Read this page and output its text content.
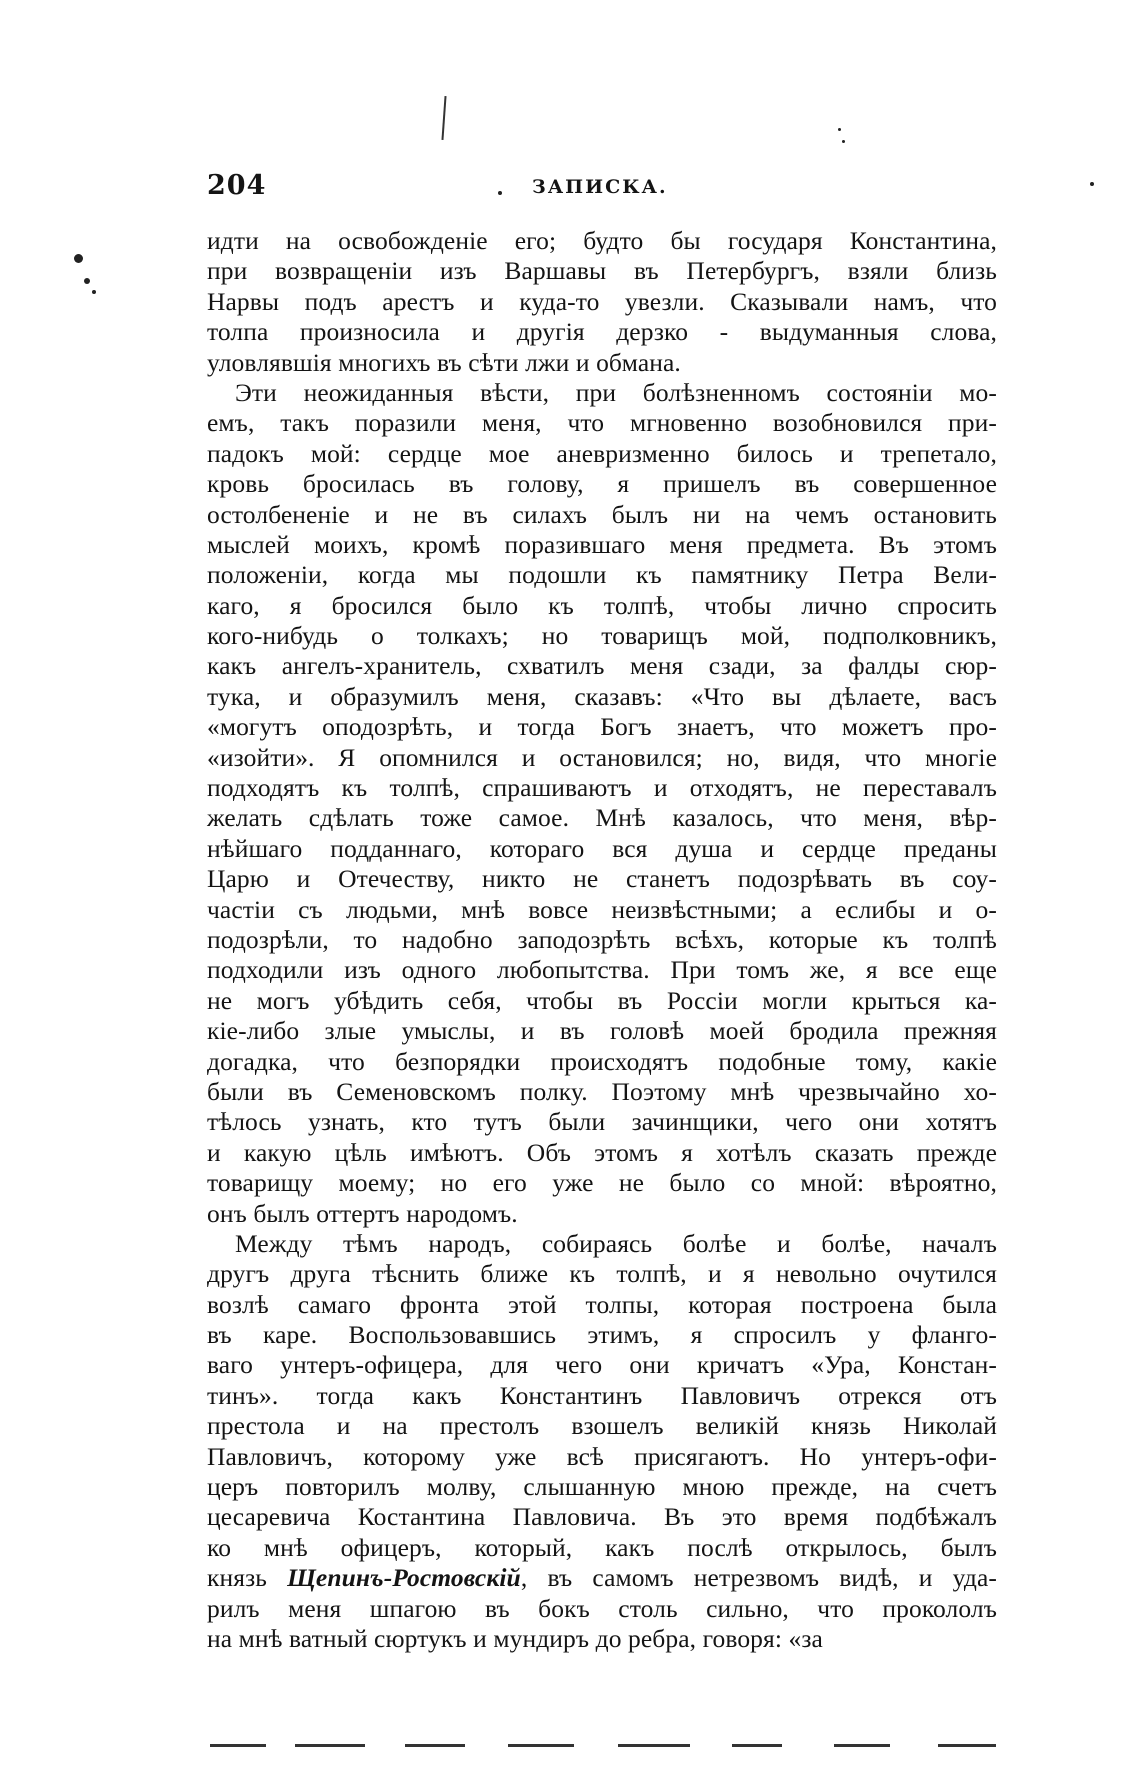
204	ЗАПИСКА.
идти на освобожденіе его; будто бы государя Константина,
при возвращеніи изъ Варшавы въ Петербургъ, взяли близь
Нарвы подъ арестъ и куда-то увезли. Сказывали намъ, что
толпа произносила и другія дерзко - выдуманныя слова,
уловлявшія многихъ въ сѣти лжи и обмана.
Эти неожиданныя вѣсти, при болѣзненномъ состояніи мо-
емъ, такъ поразили меня, что мгновенно возобновился при-
падокъ мой: сердце мое аневризменно билось и трепетало,
кровь бросилась въ голову, я пришелъ въ совершенное
остолбененіе и не въ силахъ былъ ни на чемъ остановить
мыслей моихъ, кромѣ поразившаго меня предмета. Въ этомъ
положеніи, когда мы подошли къ памятнику Петра Вели-
каго, я бросился было къ толпѣ, чтобы лично спросить
кого-нибудь о толкахъ; но товарищъ мой, подполковникъ,
какъ ангелъ-хранитель, схватилъ меня сзади, за фалды сюр-
тука, и образумилъ меня, сказавъ: «Что вы дѣлаете, васъ
«могутъ оподозрѣть, и тогда Богъ знаетъ, что можетъ про-
«изойти». Я опомнился и остановился; но, видя, что многіе
подходятъ къ толпѣ, спрашиваютъ и отходятъ, не переставалъ
желать сдѣлать тоже самое. Мнѣ казалось, что меня, вѣр-
нѣйшаго подданнаго, котораго вся душа и сердце преданы
Царю и Отечеству, никто не станетъ подозрѣвать въ соу-
частіи съ людьми, мнѣ вовсе неизвѣстными; а еслибы и о-
подозрѣли, то надобно заподозрѣть всѣхъ, которые къ толпѣ
подходили изъ одного любопытства. При томъ же, я все еще
не могъ убѣдить себя, чтобы въ Россіи могли крыться ка-
кіе-либо злые умыслы, и въ головѣ моей бродила прежняя
догадка, что безпорядки происходятъ подобные тому, какіе
были въ Семеновскомъ полку. Поэтому мнѣ чрезвычайно хо-
тѣлось узнать, кто тутъ были зачинщики, чего они хотятъ
и какую цѣль имѣютъ. Объ этомъ я хотѣлъ сказать прежде
товарищу моему; но его уже не было со мной: вѣроятно,
онъ былъ оттертъ народомъ.
Между тѣмъ народъ, собираясь болѣе и болѣе, началъ
другъ друга тѣснить ближе къ толпѣ, и я невольно очутился
возлѣ самаго фронта этой толпы, которая построена была
въ каре. Воспользовавшись этимъ, я спросилъ у фланго-
ваго унтеръ-офицера, для чего они кричатъ «Ура, Констан-
тинъ». тогда какъ Константинъ Павловичъ отрекся отъ
престола и на престолъ взошелъ великій князь Николай
Павловичъ, которому уже всѣ присягаютъ. Но унтеръ-офи-
церъ повторилъ молву, слышанную мною прежде, на счетъ
цесаревича Костантина Павловича. Въ это время подбѣжалъ
ко мнѣ офицеръ, который, какъ послѣ открылось, былъ
князь Щепинъ-Ростовскій, въ самомъ нетрезвомъ видѣ, и уда-
рилъ меня шпагою въ бокъ столь сильно, что прокололъ
на мнѣ ватный сюртукъ и мундиръ до ребра, говоря: «за
